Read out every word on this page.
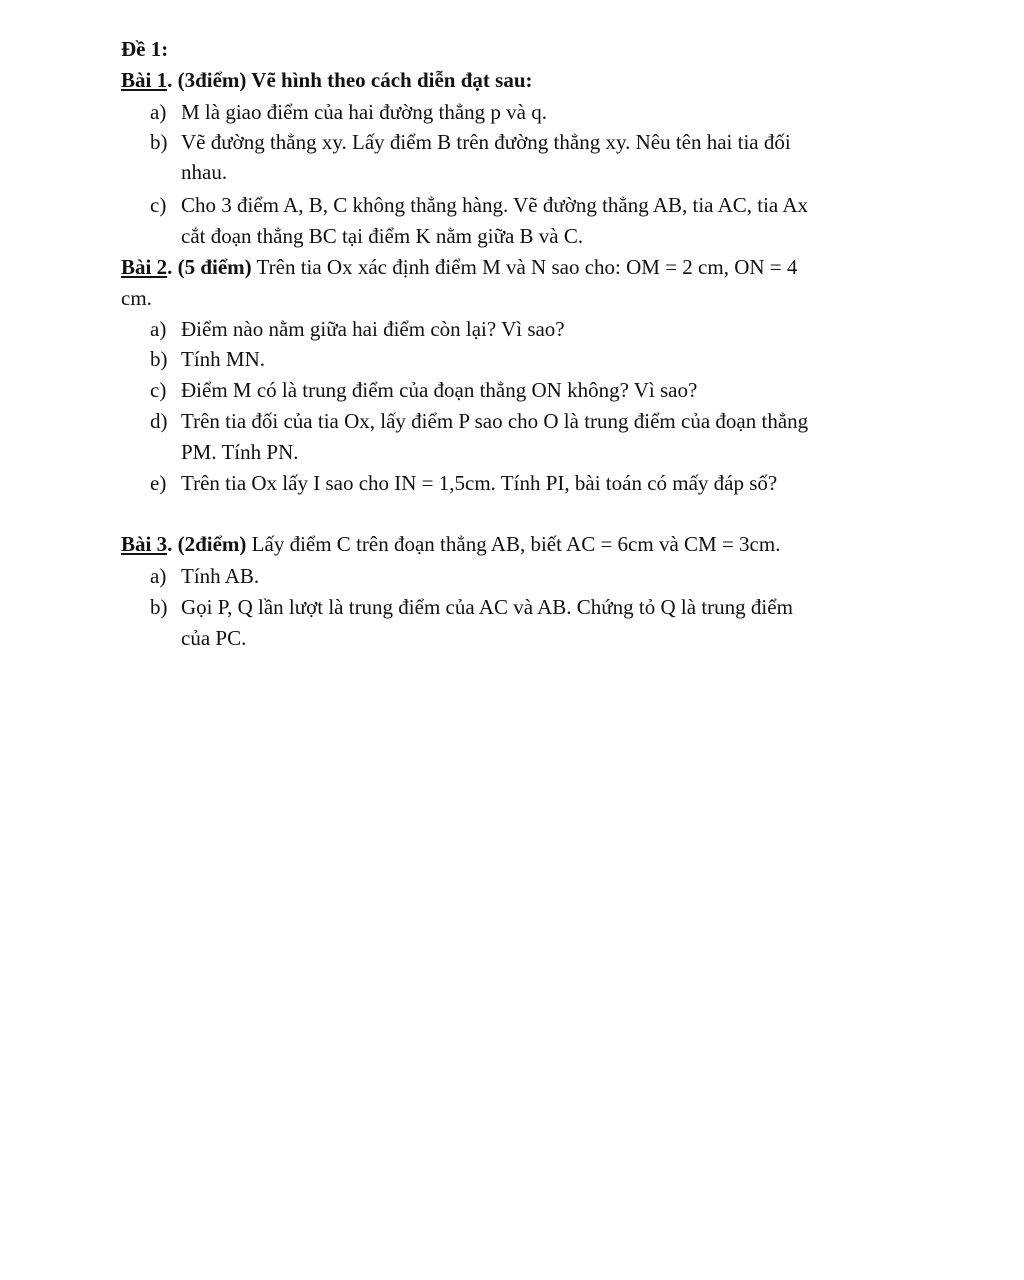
Đề 1:
Bài 1. (3điểm) Vẽ hình theo cách diễn đạt sau:
a) M là giao điểm của hai đường thẳng p và q.
b) Vẽ đường thẳng xy. Lấy điểm B trên đường thẳng xy. Nêu tên hai tia đối
nhau.
c) Cho 3 điểm A, B, C không thẳng hàng. Vẽ đường thẳng AB, tia AC, tia Ax
cắt đoạn thẳng BC tại điểm K nằm giữa B và C.
Bài 2. (5 điểm) Trên tia Ox xác định điểm M và N sao cho: OM = 2 cm, ON = 4
cm.
a) Điểm nào nằm giữa hai điểm còn lại? Vì sao?
b) Tính MN.
c) Điểm M có là trung điểm của đoạn thẳng ON không? Vì sao?
d) Trên tia đối của tia Ox, lấy điểm P sao cho O là trung điểm của đoạn thẳng
PM. Tính PN.
e) Trên tia Ox lấy I sao cho IN = 1,5cm. Tính PI, bài toán có mấy đáp số?
Bài 3. (2điểm) Lấy điểm C trên đoạn thẳng AB, biết AC = 6cm và CM = 3cm.
a) Tính AB.
b) Gọi P, Q lần lượt là trung điểm của AC và AB. Chứng tỏ Q là trung điểm
của PC.
